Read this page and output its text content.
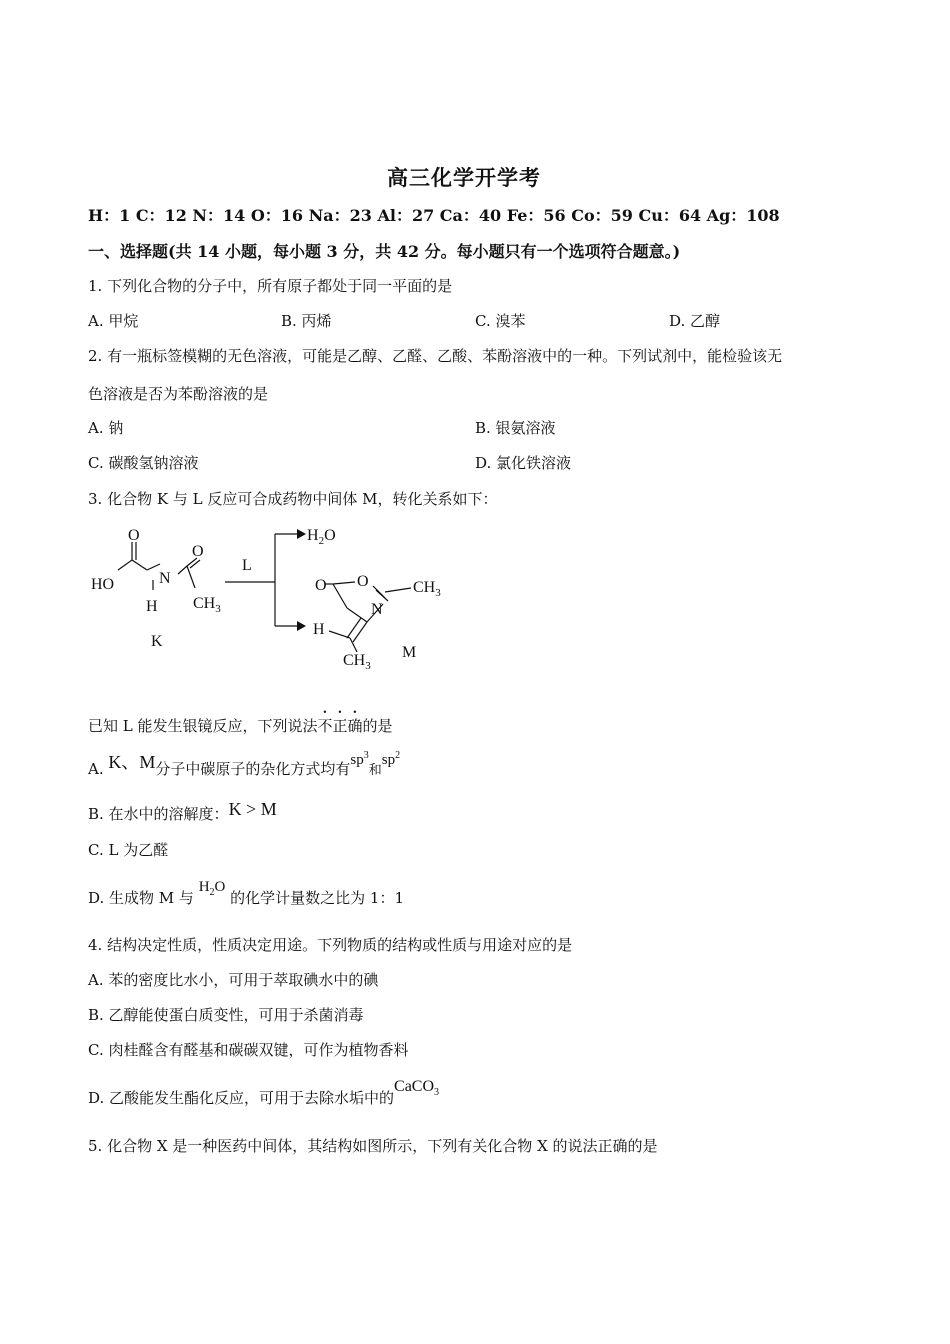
高三化学开学考
H：1 C：12 N：14 O：16 Na：23 Al：27 Ca：40 Fe：56 Co：59 Cu：64 Ag：108
一、选择题(共 14 小题，每小题 3 分，共 42 分。每小题只有一个选项符合题意。)
1. 下列化合物的分子中，所有原子都处于同一平面的是
A. 甲烷	B. 丙烯	C. 溴苯	D. 乙醇
2. 有一瓶标签模糊的无色溶液，可能是乙醇、乙醛、乙酸、苯酚溶液中的一种。下列试剂中，能检验该无
色溶液是否为苯酚溶液的是
A. 钠	B. 银氨溶液
C. 碳酸氢钠溶液	D. 氯化铁溶液
3. 化合物 K 与 L 反应可合成药物中间体 M，转化关系如下：
O
HO	N
H
O
$CH_3$
K
L
$H_2O$
O O
N
$CH_3$
H
$CH_3$
M
已知 L 能发生银镜反应，下列说法不正确的是
A. K、M分子中碳原子的杂化方式均有$sp^3$和$sp^2$
B. 在水中的溶解度：K > M
C. L 为乙醛
D. 生成物 M 与 $H_2O$ 的化学计量数之比为 1：1
4. 结构决定性质，性质决定用途。下列物质的结构或性质与用途对应的是
A. 苯的密度比水小，可用于萃取碘水中的碘
B. 乙醇能使蛋白质变性，可用于杀菌消毒
C. 肉桂醛含有醛基和碳碳双键，可作为植物香料
D. 乙酸能发生酯化反应，可用于去除水垢中的CaCO$_3$
5. 化合物 X 是一种医药中间体，其结构如图所示，下列有关化合物 X 的说法正确的是
